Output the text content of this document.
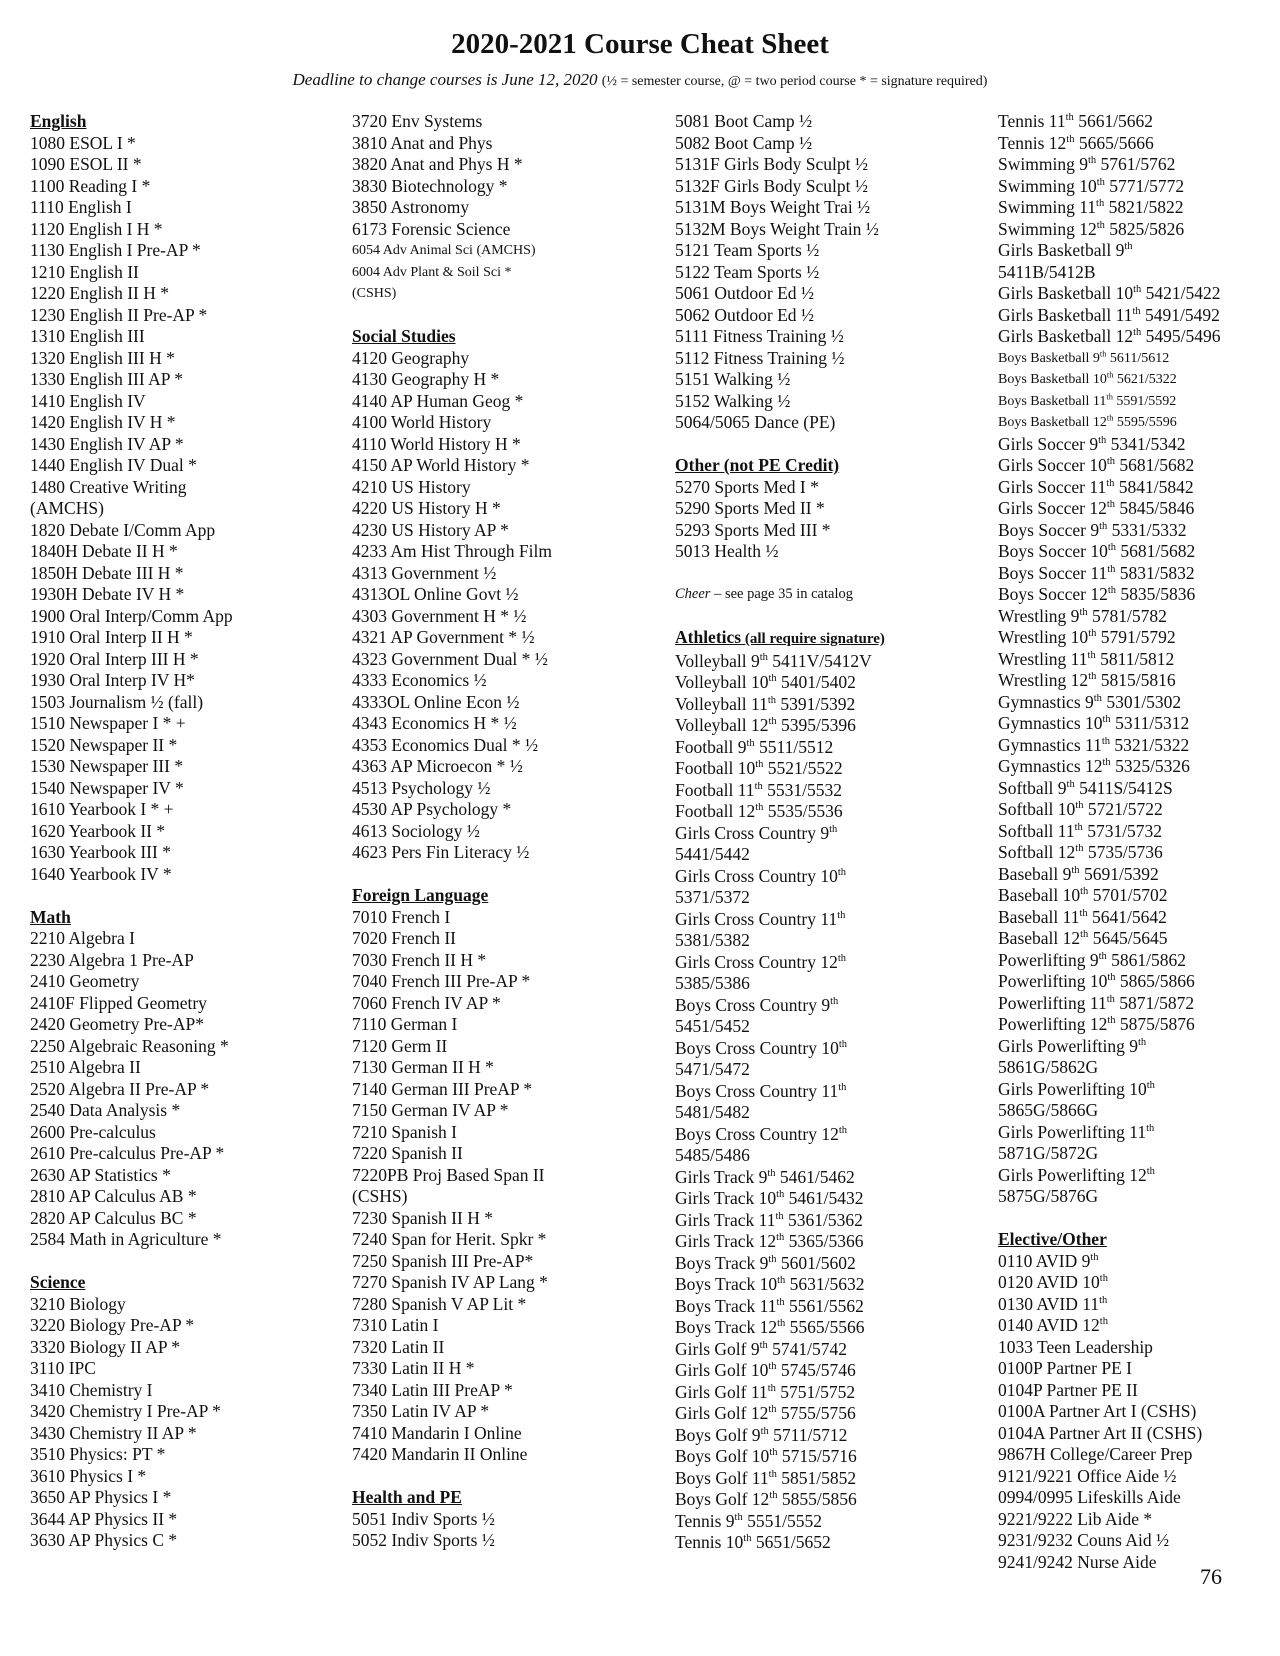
2020-2021 Course Cheat Sheet
Deadline to change courses is June 12, 2020 (½ = semester course, @ = two period course * = signature required)
English
1080 ESOL I *
1090 ESOL II *
1100 Reading I *
1110 English I
1120 English I H *
1130 English I Pre-AP *
1210 English II
1220 English II H *
1230 English II Pre-AP *
1310 English III
1320 English III H *
1330 English III AP *
1410 English IV
1420 English IV H *
1430 English IV AP *
1440 English IV Dual *
1480 Creative Writing
(AMCHS)
1820 Debate I/Comm App
1840H Debate II H *
1850H Debate III H *
1930H Debate IV H *
1900 Oral Interp/Comm App
1910 Oral Interp II H *
1920 Oral Interp III H *
1930 Oral Interp IV H*
1503 Journalism ½ (fall)
1510 Newspaper I * +
1520 Newspaper II *
1530 Newspaper III *
1540 Newspaper IV *
1610 Yearbook I * +
1620 Yearbook II *
1630 Yearbook III *
1640 Yearbook IV *
Math
2210 Algebra I
2230 Algebra 1 Pre-AP
2410 Geometry
2410F Flipped Geometry
2420 Geometry Pre-AP*
2250 Algebraic Reasoning *
2510 Algebra II
2520 Algebra II Pre-AP *
2540 Data Analysis *
2600 Pre-calculus
2610 Pre-calculus Pre-AP *
2630 AP Statistics *
2810 AP Calculus AB *
2820 AP Calculus BC *
2584 Math in Agriculture *
Science
3210 Biology
3220 Biology Pre-AP *
3320 Biology II AP *
3110 IPC
3410 Chemistry I
3420 Chemistry I Pre-AP *
3430 Chemistry II AP *
3510 Physics: PT *
3610 Physics I *
3650 AP Physics I *
3644 AP Physics II *
3630 AP Physics C *
3720 Env Systems
3810 Anat and Phys
3820 Anat and Phys H *
3830 Biotechnology *
3850 Astronomy
6173 Forensic Science
6054 Adv Animal Sci (AMCHS)
6004 Adv Plant & Soil Sci *
(CSHS)
Social Studies
4120 Geography
4130 Geography H *
4140 AP Human Geog *
4100 World History
4110 World History H *
4150 AP World History *
4210 US History
4220 US History H *
4230 US History AP *
4233 Am Hist Through Film
4313 Government ½
4313OL Online Govt ½
4303 Government H * ½
4321 AP Government * ½
4323 Government Dual * ½
4333 Economics ½
4333OL Online Econ ½
4343 Economics H * ½
4353 Economics Dual * ½
4363 AP Microecon * ½
4513 Psychology ½
4530 AP Psychology *
4613 Sociology ½
4623 Pers Fin Literacy ½
Foreign Language
7010 French I
7020 French II
7030 French II H *
7040 French III Pre-AP *
7060 French IV AP *
7110 German I
7120 Germ II
7130 German II H *
7140 German III PreAP *
7150 German IV AP *
7210 Spanish I
7220 Spanish II
7220PB Proj Based Span II
(CSHS)
7230 Spanish II H *
7240 Span for Herit. Spkr *
7250 Spanish III Pre-AP*
7270 Spanish IV AP Lang *
7280 Spanish V AP Lit *
7310 Latin I
7320 Latin II
7330 Latin II H *
7340 Latin III PreAP *
7350 Latin IV AP *
7410 Mandarin I Online
7420 Mandarin II Online
Health and PE
5051 Indiv Sports ½
5052 Indiv Sports ½
5081 Boot Camp ½
5082 Boot Camp ½
5131F Girls Body Sculpt ½
5132F Girls Body Sculpt ½
5131M Boys Weight Trai ½
5132M Boys Weight Train ½
5121 Team Sports ½
5122 Team Sports ½
5061 Outdoor Ed ½
5062 Outdoor Ed ½
5111 Fitness Training ½
5112 Fitness Training ½
5151 Walking ½
5152 Walking ½
5064/5065 Dance (PE)
Other (not PE Credit)
5270 Sports Med I *
5290 Sports Med II *
5293 Sports Med III *
5013 Health ½
Cheer – see page 35 in catalog
Athletics (all require signature)
Volleyball 9th 5411V/5412V
Volleyball 10th 5401/5402
Volleyball 11th 5391/5392
Volleyball 12th 5395/5396
Football 9th 5511/5512
Football 10th 5521/5522
Football 11th 5531/5532
Football 12th 5535/5536
Girls Cross Country 9th
5441/5442
Girls Cross Country 10th
5371/5372
Girls Cross Country 11th
5381/5382
Girls Cross Country 12th
5385/5386
Boys Cross Country 9th
5451/5452
Boys Cross Country 10th
5471/5472
Boys Cross Country 11th
5481/5482
Boys Cross Country 12th
5485/5486
Girls Track 9th 5461/5462
Girls Track 10th 5461/5432
Girls Track 11th 5361/5362
Girls Track 12th 5365/5366
Boys Track 9th 5601/5602
Boys Track 10th 5631/5632
Boys Track 11th 5561/5562
Boys Track 12th 5565/5566
Girls Golf 9th 5741/5742
Girls Golf 10th 5745/5746
Girls Golf 11th 5751/5752
Girls Golf 12th 5755/5756
Boys Golf 9th 5711/5712
Boys Golf 10th 5715/5716
Boys Golf 11th 5851/5852
Boys Golf 12th 5855/5856
Tennis 9th 5551/5552
Tennis 10th 5651/5652
Tennis 11th 5661/5662
Tennis 12th 5665/5666
Swimming 9th 5761/5762
Swimming 10th 5771/5772
Swimming 11th 5821/5822
Swimming 12th 5825/5826
Girls Basketball 9th
5411B/5412B
Girls Basketball 10th 5421/5422
Girls Basketball 11th 5491/5492
Girls Basketball 12th 5495/5496
Boys Basketball 9th 5611/5612
Boys Basketball 10th 5621/5322
Boys Basketball 11th 5591/5592
Boys Basketball 12th 5595/5596
Girls Soccer 9th 5341/5342
Girls Soccer 10th 5681/5682
Girls Soccer 11th 5841/5842
Girls Soccer 12th 5845/5846
Boys Soccer 9th 5331/5332
Boys Soccer 10th 5681/5682
Boys Soccer 11th 5831/5832
Boys Soccer 12th 5835/5836
Wrestling 9th 5781/5782
Wrestling 10th 5791/5792
Wrestling 11th 5811/5812
Wrestling 12th 5815/5816
Gymnastics 9th 5301/5302
Gymnastics 10th 5311/5312
Gymnastics 11th 5321/5322
Gymnastics 12th 5325/5326
Softball 9th 5411S/5412S
Softball 10th 5721/5722
Softball 11th 5731/5732
Softball 12th 5735/5736
Baseball 9th 5691/5392
Baseball 10th 5701/5702
Baseball 11th 5641/5642
Baseball 12th 5645/5645
Powerlifting 9th 5861/5862
Powerlifting 10th 5865/5866
Powerlifting 11th 5871/5872
Powerlifting 12th 5875/5876
Girls Powerlifting 9th
5861G/5862G
Girls Powerlifting 10th
5865G/5866G
Girls Powerlifting 11th
5871G/5872G
Girls Powerlifting 12th
5875G/5876G
Elective/Other
0110 AVID 9th
0120 AVID 10th
0130 AVID 11th
0140 AVID 12th
1033 Teen Leadership
0100P Partner PE I
0104P Partner PE II
0100A Partner Art I (CSHS)
0104A Partner Art II (CSHS)
9867H College/Career Prep
9121/9221 Office Aide ½
0994/0995 Lifeskills Aide
9221/9222 Lib Aide *
9231/9232 Couns Aid ½
9241/9242 Nurse Aide
76
